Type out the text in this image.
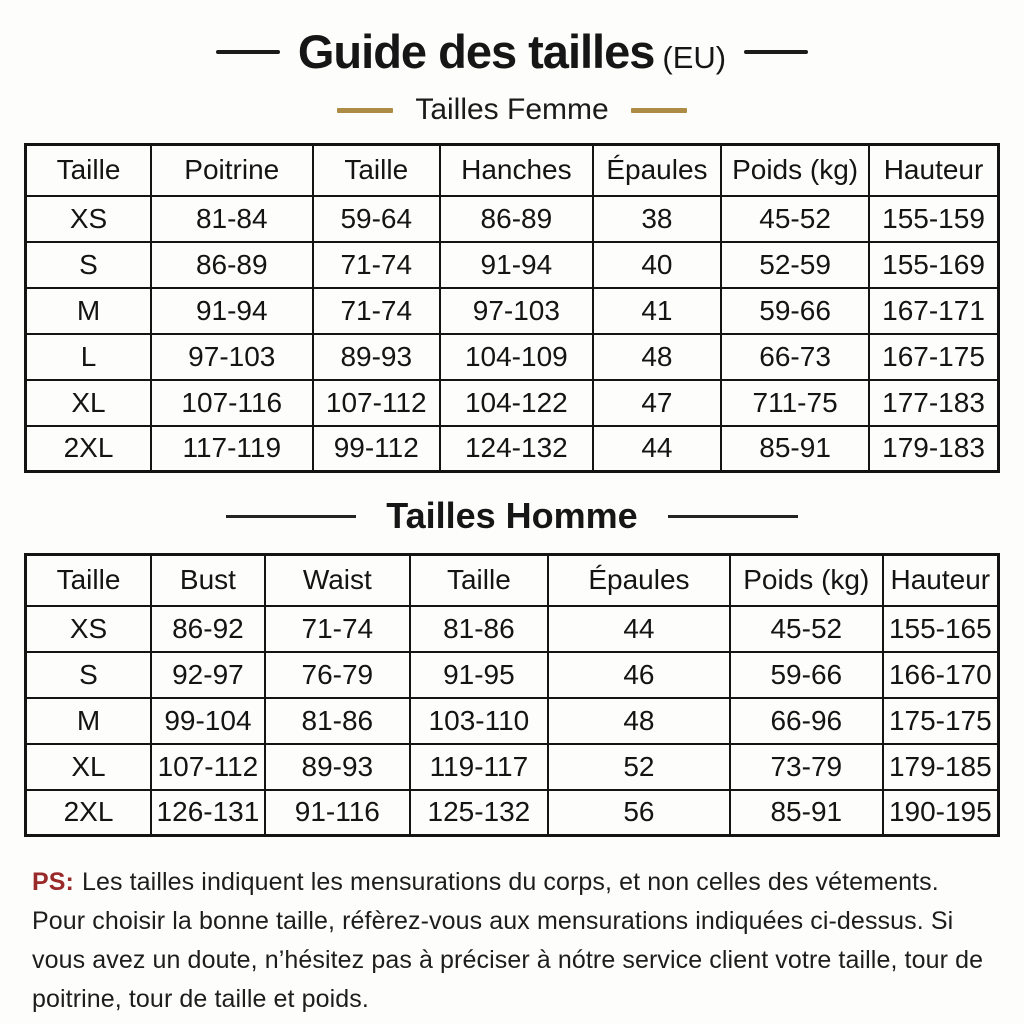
Guide des tailles (EU)
Tailles Femme
Taille	Poitrine	Taille	Hanches	Épaules	Poids (kg)	Hauteur
XS	81-84	59-64	86-89	38	45-52	155-159
S	86-89	71-74	91-94	40	52-59	155-169
M	91-94	71-74	97-103	41	59-66	167-171
L	97-103	89-93	104-109	48	66-73	167-175
XL	107-116	107-112	104-122	47	711-75	177-183
2XL	117-119	99-112	124-132	44	85-91	179-183
Tailles Homme
Taille	Bust	Waist	Taille	Épaules	Poids (kg)	Hauteur
XS	86-92	71-74	81-86	44	45-52	155-165
S	92-97	76-79	91-95	46	59-66	166-170
M	99-104	81-86	103-110	48	66-96	175-175
XL	107-112	89-93	119-117	52	73-79	179-185
2XL	126-131	91-116	125-132	56	85-91	190-195

PS: Les tailles indiquent les mensurations du corps, et non celles des vétements.
Pour choisir la bonne taille, réfèrez-vous aux mensurations indiquées ci-dessus. Si vous avez un doute, n’hésitez pas à préciser à nótre service client votre taille, tour de poitrine, tour de taille et poids.
